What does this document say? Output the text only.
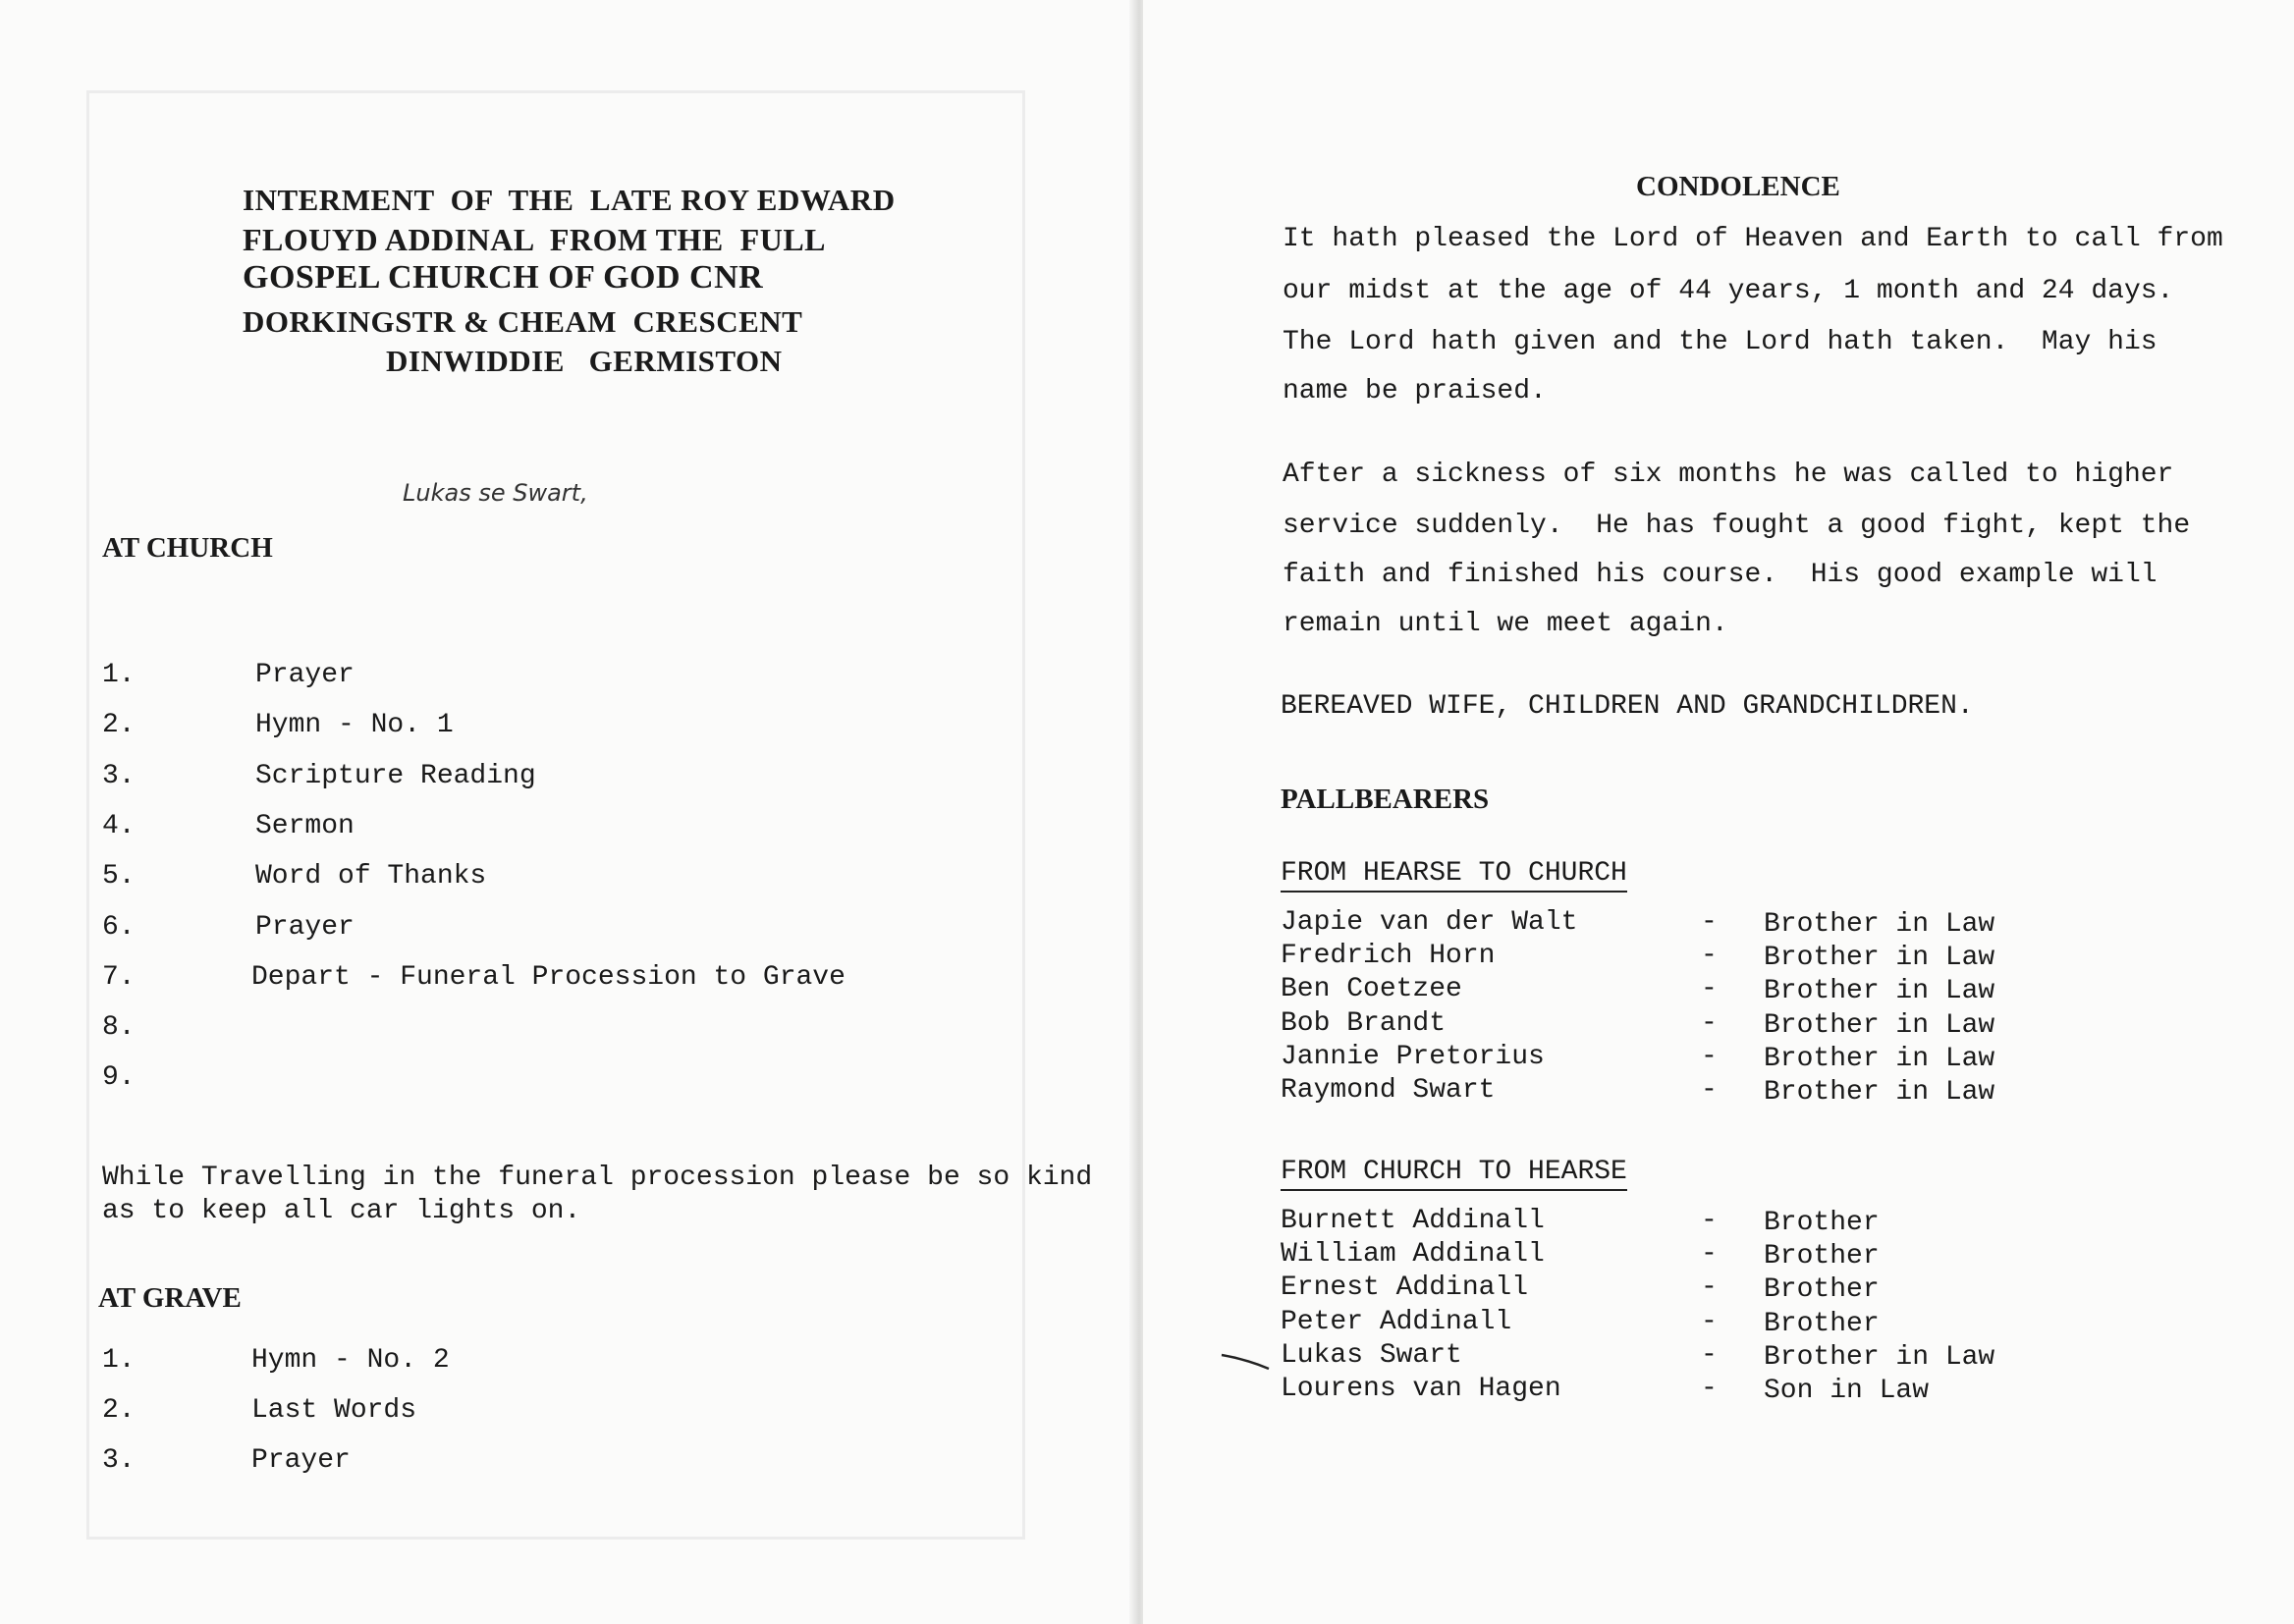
INTERMENT  OF  THE  LATE ROY EDWARD
FLOUYD ADDINAL  FROM THE  FULL
GOSPEL CHURCH OF GOD CNR
DORKINGSTR & CHEAM  CRESCENT
DINWIDDIE   GERMISTON
Lukas se Swart,
AT CHURCH
1.	Prayer
2.	Hymn - No. 1
3.	Scripture Reading
4.	Sermon
5.	Word of Thanks
6.	Prayer
7.	Depart - Funeral Procession to Grave
8.
9.
While Travelling in the funeral procession please be so kind
as to keep all car lights on.
AT GRAVE
1.	Hymn - No. 2
2.	Last Words
3.	Prayer
CONDOLENCE
It hath pleased the Lord of Heaven and Earth to call from
our midst at the age of 44 years, 1 month and 24 days.
The Lord hath given and the Lord hath taken.  May his
name be praised.
After a sickness of six months he was called to higher
service suddenly.  He has fought a good fight, kept the
faith and finished his course.  His good example will
remain until we meet again.
BEREAVED WIFE, CHILDREN AND GRANDCHILDREN.
PALLBEARERS
FROM HEARSE TO CHURCH
Japie van der Walt	- Brother in Law
Fredrich Horn	- Brother in Law
Ben Coetzee	- Brother in Law
Bob Brandt	- Brother in Law
Jannie Pretorius	- Brother in Law
Raymond Swart	- Brother in Law
FROM CHURCH TO HEARSE
Burnett Addinall	- Brother
William Addinall	- Brother
Ernest Addinall	- Brother
Peter Addinall	- Brother
Lukas Swart	- Brother in Law
Lourens van Hagen	- Son in Law
